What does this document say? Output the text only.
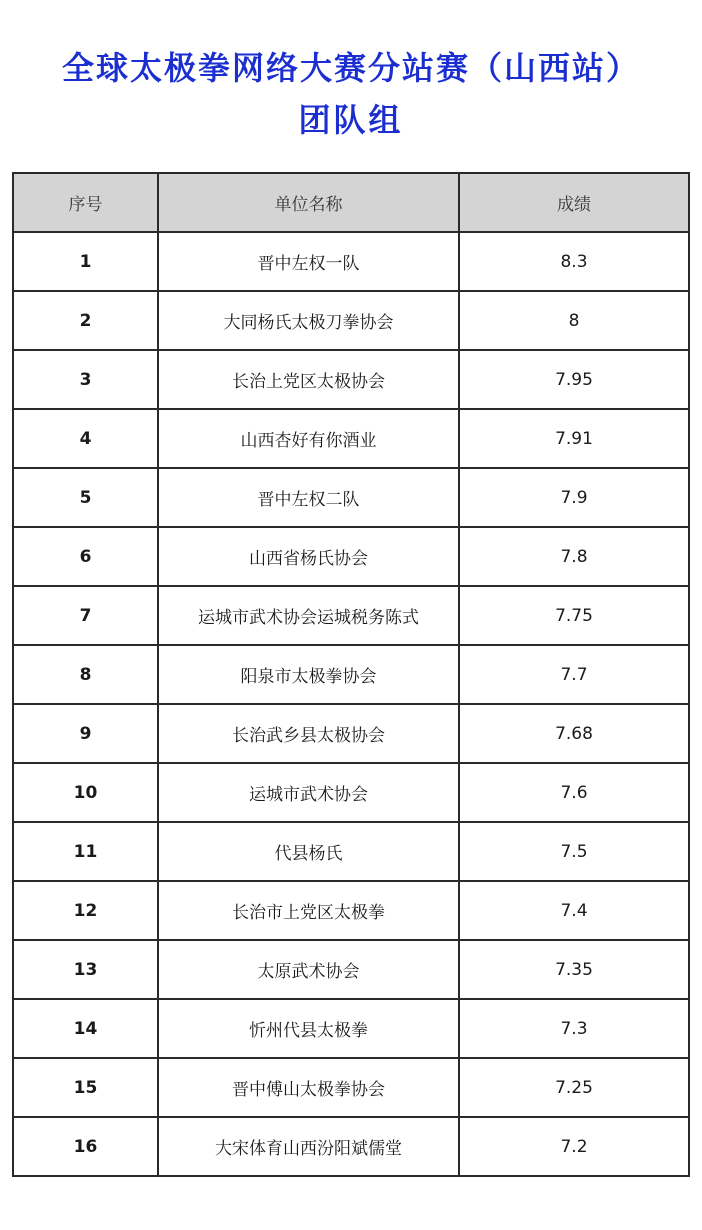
全球太极拳网络大赛分站赛（山西站）
团队组
序号	单位名称	成绩
1	晋中左权一队	8.3
2	大同杨氏太极刀拳协会	8
3	长治上党区太极协会	7.95
4	山西杏好有你酒业	7.91
5	晋中左权二队	7.9
6	山西省杨氏协会	7.8
7	运城市武术协会运城税务陈式	7.75
8	阳泉市太极拳协会	7.7
9	长治武乡县太极协会	7.68
10	运城市武术协会	7.6
11	代县杨氏	7.5
12	长治市上党区太极拳	7.4
13	太原武术协会	7.35
14	忻州代县太极拳	7.3
15	晋中傅山太极拳协会	7.25
16	大宋体育山西汾阳斌儒堂	7.2
